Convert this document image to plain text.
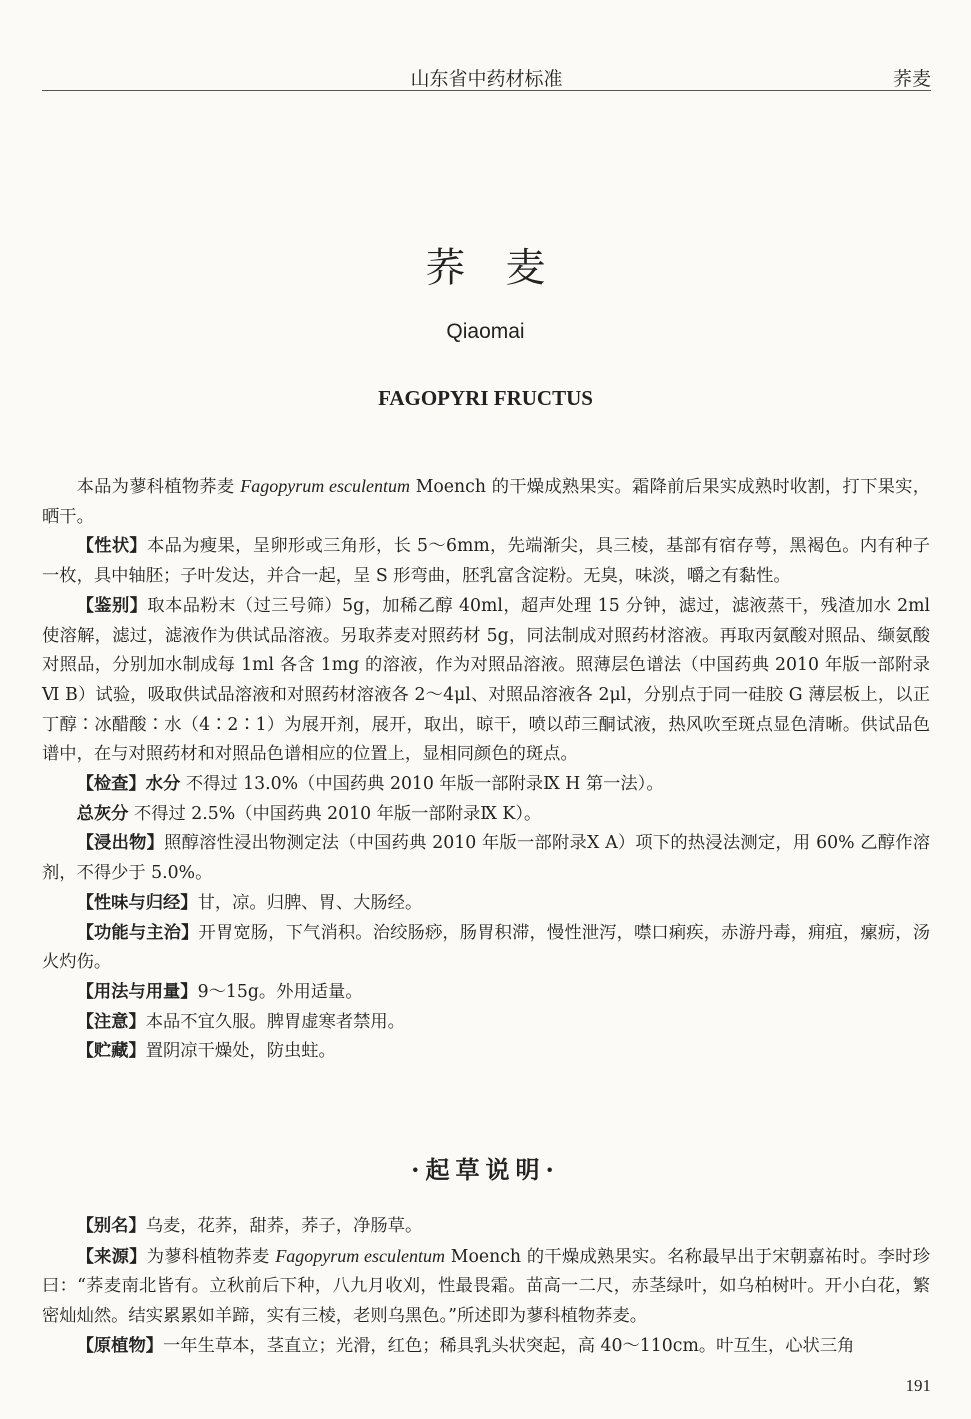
山东省中药材标准	荞麦
荞麦
Qiaomai
FAGOPYRI FRUCTUS

本品为蓼科植物荞麦 Fagopyrum esculentum Moench 的干燥成熟果实。霜降前后果实成熟时收割，打下果实，晒干。

【性状】本品为瘦果，呈卵形或三角形，长 5～6mm，先端渐尖，具三棱，基部有宿存萼，黑褐色。内有种子一枚，具中轴胚；子叶发达，并合一起，呈 S 形弯曲，胚乳富含淀粉。无臭，味淡，嚼之有黏性。

【鉴别】取本品粉末（过三号筛）5g，加稀乙醇 40ml，超声处理 15 分钟，滤过，滤液蒸干，残渣加水 2ml 使溶解，滤过，滤液作为供试品溶液。另取荞麦对照药材 5g，同法制成对照药材溶液。再取丙氨酸对照品、缬氨酸对照品，分别加水制成每 1ml 各含 1mg 的溶液，作为对照品溶液。照薄层色谱法（中国药典 2010 年版一部附录Ⅵ B）试验，吸取供试品溶液和对照药材溶液各 2～4μl、对照品溶液各 2μl，分别点于同一硅胶 G 薄层板上，以正丁醇∶冰醋酸∶水（4∶2∶1）为展开剂，展开，取出，晾干，喷以茚三酮试液，热风吹至斑点显色清晰。供试品色谱中，在与对照药材和对照品色谱相应的位置上，显相同颜色的斑点。

【检查】水分 不得过 13.0%（中国药典 2010 年版一部附录Ⅸ H 第一法）。

总灰分 不得过 2.5%（中国药典 2010 年版一部附录Ⅸ K）。

【浸出物】照醇溶性浸出物测定法（中国药典 2010 年版一部附录Ⅹ A）项下的热浸法测定，用 60% 乙醇作溶剂，不得少于 5.0%。

【性味与归经】甘，凉。归脾、胃、大肠经。

【功能与主治】开胃宽肠，下气消积。治绞肠痧，肠胃积滞，慢性泄泻，噤口痢疾，赤游丹毒，痈疽，瘰疬，汤火灼伤。

【用法与用量】9～15g。外用适量。

【注意】本品不宜久服。脾胃虚寒者禁用。

【贮藏】置阴凉干燥处，防虫蛀。

·起草说明·

【别名】乌麦，花荞，甜荞，荞子，净肠草。

【来源】为蓼科植物荞麦 Fagopyrum esculentum Moench 的干燥成熟果实。名称最早出于宋朝嘉祐时。李时珍曰：“荞麦南北皆有。立秋前后下种，八九月收刈，性最畏霜。苗高一二尺，赤茎绿叶，如乌柏树叶。开小白花，繁密灿灿然。结实累累如羊蹄，实有三棱，老则乌黑色。”所述即为蓼科植物荞麦。

【原植物】一年生草本，茎直立；光滑，红色；稀具乳头状突起，高 40～110cm。叶互生，心状三角

191
